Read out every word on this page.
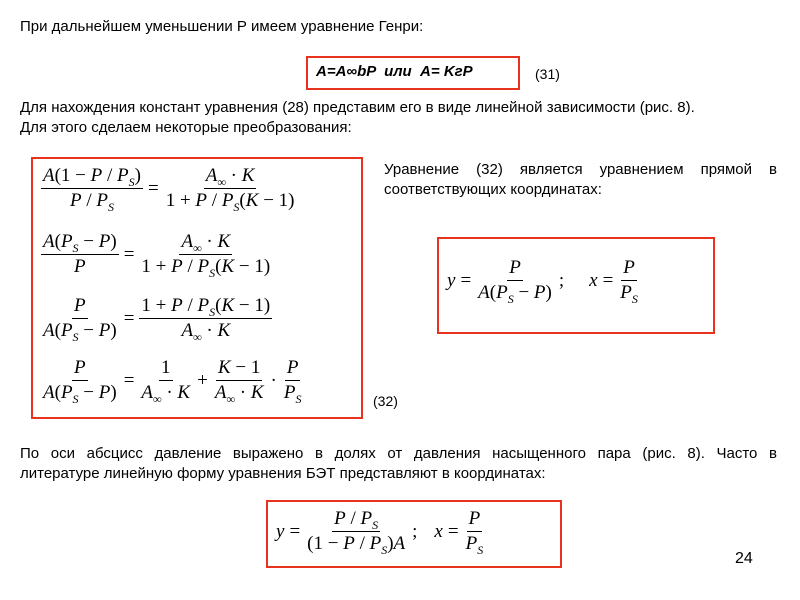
При дальнейшем уменьшении Р имеем уравнение Генри:
A=A∞bP  или  A= KгP	(31)
Для нахождения констант уравнения (28) представим его в виде линейной зависимости (рис. 8).
Для этого сделаем некоторые преобразования:
$\frac{A(1 - P / P_S)}{P / P_S} = \frac{A_\infty \cdot K}{1 + P / P_S(K - 1)}$
$\frac{A(P_S - P)}{P} = \frac{A_\infty \cdot K}{1 + P / P_S(K - 1)}$
$\frac{P}{A(P_S - P)} = \frac{1 + P / P_S(K - 1)}{A_\infty \cdot K}$
$\frac{P}{A(P_S - P)} = \frac{1}{A_\infty \cdot K} + \frac{K - 1}{A_\infty \cdot K} \cdot \frac{P}{P_S}$	(32)
Уравнение (32) является уравнением прямой в
соответствующих координатах:
$y = \frac{P}{A(P_S - P)}$ ; $x = \frac{P}{P_S}$
По оси абсцисс давление выражено в долях от давления насыщенного пара (рис. 8). Часто в
литературе линейную форму уравнения БЭТ представляют в координатах:
$y = \frac{P / P_S}{(1 - P / P_S)A}$ ; $x = \frac{P}{P_S}$
24
